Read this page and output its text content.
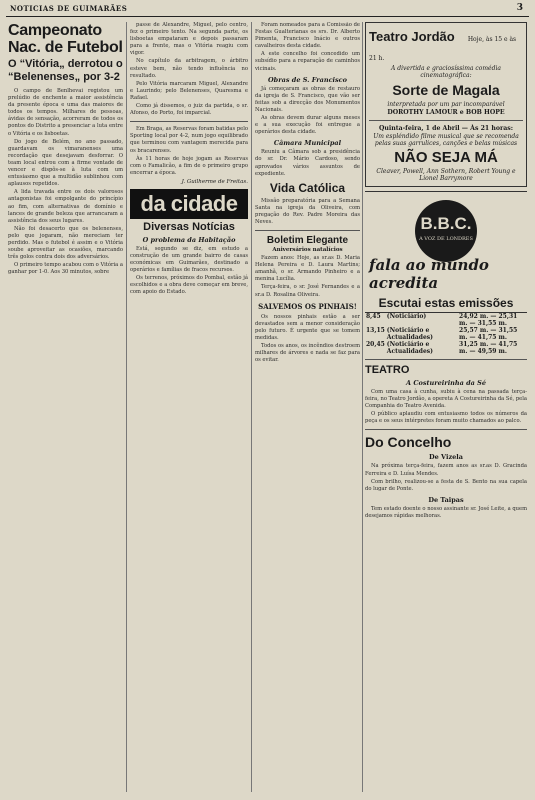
NOTICIAS DE GUIMARÃES	3
Campeonato Nac. de Futebol
O “Vitória„ derrotou o “Belenenses„ por 3-2

O campo de Benlhevai registou um prelúdio de enchente a maior assistência da presente época e uma das maiores de todos os tempos. Milhares de pessoas, ávidas de sensação, acorreram de todos os pontos do Distrito a presenciar a luta entre o Vitória e os lisboetas.

Do jogo de Belém, no ano passado, guardavam os vimaranenses uma recordação que desejavam desforrar. O team local entrou com a firme vontade de vencer e dispôs-se à luta com um entusiasmo que a multidão sublinhou com aplausos repetidos.

A lida travada entre os dois valorosos antagonistas foi empolgante do princípio ao fim, com alternativas de domínio e lances de grande beleza que arrancaram a assistência dos seus lugares.

Não foi desacerto que os belenenses, pelo que jogaram, não mereciam ter perdido. Mas o futebol é assim e o Vitória soube aproveitar as ocasiões, marcando três golos contra dois dos adversários.

O primeiro tempo acabou com o Vitória a ganhar por 1-0. Aos 30 minutos, sobre

passe de Alexandre, Miguel, pelo centro, fez o primeiro tento. Na segunda parte, os lisboetas empataram e depois passaram para a frente, mas o Vitória reagiu com vigor.

No capítulo da arbitragem, o árbitro esteve bem, não tendo influência no resultado.

Pelo Vitória marcaram Miguel, Alexandre e Laurindo; pelo Belenenses, Quaresma e Rafael.

Como já dissemos, o juiz da partida, o sr. Afonso, do Porto, foi imparcial.

Em Braga, as Reservas foram batidas pelo Sporting local por 4-2, num jogo equilibrado que terminou com vantagem merecida para os bracarenses.

Às 11 horas de hoje jogam as Reservas com o Famalicão, a fim de o primeiro grupo encerrar a época.

J. Guilherme de Freitas.
da cidade
Diversas Notícias
O problema da Habitação

Está, segundo se diz, em estudo a construção de um grande bairro de casas económicas em Guimarães, destinado a operários e famílias de fracos recursos.

Os terrenos, próximos do Pombal, estão já escolhidos e a obra deve começar em breve, com apoio do Estado.

Foram nomeados para a Comissão de Festas Gualterianas os srs. Dr. Alberto Pimenta, Francisco Inácio e outros cavalheiros desta cidade.

A este concelho foi concedido um subsídio para a reparação de caminhos vicinais.

Obras de S. Francisco

Já começaram as obras de restauro da igreja de S. Francisco, que vão ser feitas sob a direcção dos Monumentos Nacionais.

As obras devem durar alguns meses e a sua execução foi entregue a operários desta cidade.

Câmara Municipal

Reuniu a Câmara sob a presidência do sr. Dr. Mário Cardoso, sendo aprovados vários assuntos de expediente.

Vida Católica

Missão preparatória para a Semana Santa na igreja da Oliveira, com pregação do Rev. Padre Moreira das Neves.

Boletim Elegante
Aniversários natalícios

Fazem anos: Hoje, as sr.as D. Maria Helena Pereira e D. Laura Martins; amanhã, o sr. Armando Pinheiro e a menina Lucília.

Terça-feira, o sr. José Fernandes e a sr.a D. Rosalina Oliveira.

SALVEMOS OS PINHAIS!

Os nossos pinhais estão a ser devastados sem a menor consideração pelo futuro. É urgente que se tomem medidas.

Todos os anos, os incêndios destroem milhares de árvores e nada se faz para os evitar.

Teatro Jordão Hoje, às 15 e às 21 h.
A divertida e graciosíssima comédia cinematográfica:
Sorte de Magala
interpretada por um par incomparável
DOROTHY LAMOUR e BOB HOPE
Quinta-feira, 1 de Abril — Às 21 horas:
Um espléndido filme musical que se recomenda pelas suas garrulices, canções e belas músicas
NÃO SEJA MÁ
Cleaver, Powell, Ann Sothern, Robert Young e Lionel Barrymore
B.B.C.
A VOZ DE LONDRES
fala ao mundo acredita
Escutai estas emissões
8,45	(Noticiário)	24,92 m. — 25,31 m. — 31,55 m.
13,15	(Noticiário e Actualidades)	25,57 m. — 31,55 m. — 41,75 m.
20,45	(Noticiário e Actualidades)	31,25 m. — 41,75 m. — 49,59 m.
TEATRO
A Costureirinha da Sé

Com uma casa à cunha, subiu à cena na passada terça-feira, no Teatro Jordão, a opereta A Costureirinha da Sé, pela Companhia do Teatro Avenida.

O público aplaudiu com entusiasmo todos os números da peça e os seus intérpretes foram muito chamados ao palco.

Do Concelho
De Vizela

Na próxima terça-feira, fazem anos as sr.as D. Gracinda Ferreira e D. Luísa Mendes.

Com brilho, realizou-se a festa de S. Bento na sua capela do lugar de Ponte.

De Taipas

Tem estado doente o nosso assinante sr. José Leite, a quem desejamos rápidas melhoras.
